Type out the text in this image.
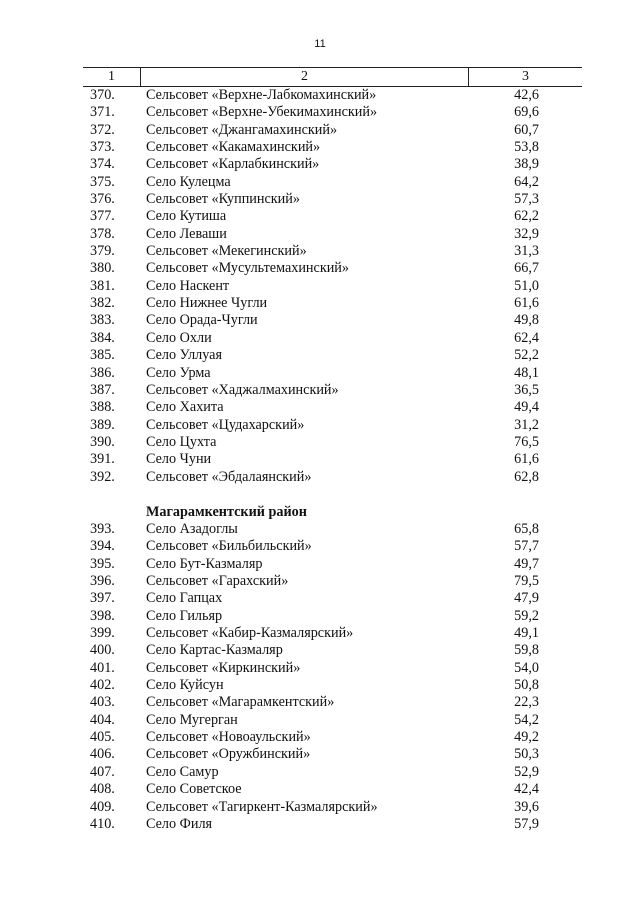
11
1	2	3
370.	Сельсовет «Верхне-Лабкомахинский»	42,6
371.	Сельсовет «Верхне-Убекимахинский»	69,6
372.	Сельсовет «Джангамахинский»	60,7
373.	Сельсовет «Какамахинский»	53,8
374.	Сельсовет «Карлабкинский»	38,9
375.	Село Кулецма	64,2
376.	Сельсовет «Куппинский»	57,3
377.	Село Кутиша	62,2
378.	Село Леваши	32,9
379.	Сельсовет «Мекегинский»	31,3
380.	Сельсовет «Мусультемахинский»	66,7
381.	Село Наскент	51,0
382.	Село Нижнее Чугли	61,6
383.	Село Орада-Чугли	49,8
384.	Село Охли	62,4
385.	Село Уллуая	52,2
386.	Село Урма	48,1
387.	Сельсовет «Хаджалмахинский»	36,5
388.	Село Хахита	49,4
389.	Сельсовет «Цудахарский»	31,2
390.	Село Цухта	76,5
391.	Село Чуни	61,6
392.	Сельсовет «Эбдалаянский»	62,8
Магарамкентский район
393.	Село Азадоглы	65,8
394.	Сельсовет «Бильбильский»	57,7
395.	Село Бут-Казмаляр	49,7
396.	Сельсовет «Гарахский»	79,5
397.	Село Гапцах	47,9
398.	Село Гильяр	59,2
399.	Сельсовет «Кабир-Казмалярский»	49,1
400.	Село Картас-Казмаляр	59,8
401.	Сельсовет «Киркинский»	54,0
402.	Село Куйсун	50,8
403.	Сельсовет «Магарамкентский»	22,3
404.	Село Мугерган	54,2
405.	Сельсовет «Новоаульский»	49,2
406.	Сельсовет «Оружбинский»	50,3
407.	Село Самур	52,9
408.	Село Советское	42,4
409.	Сельсовет «Тагиркент-Казмалярский»	39,6
410.	Село Филя	57,9
